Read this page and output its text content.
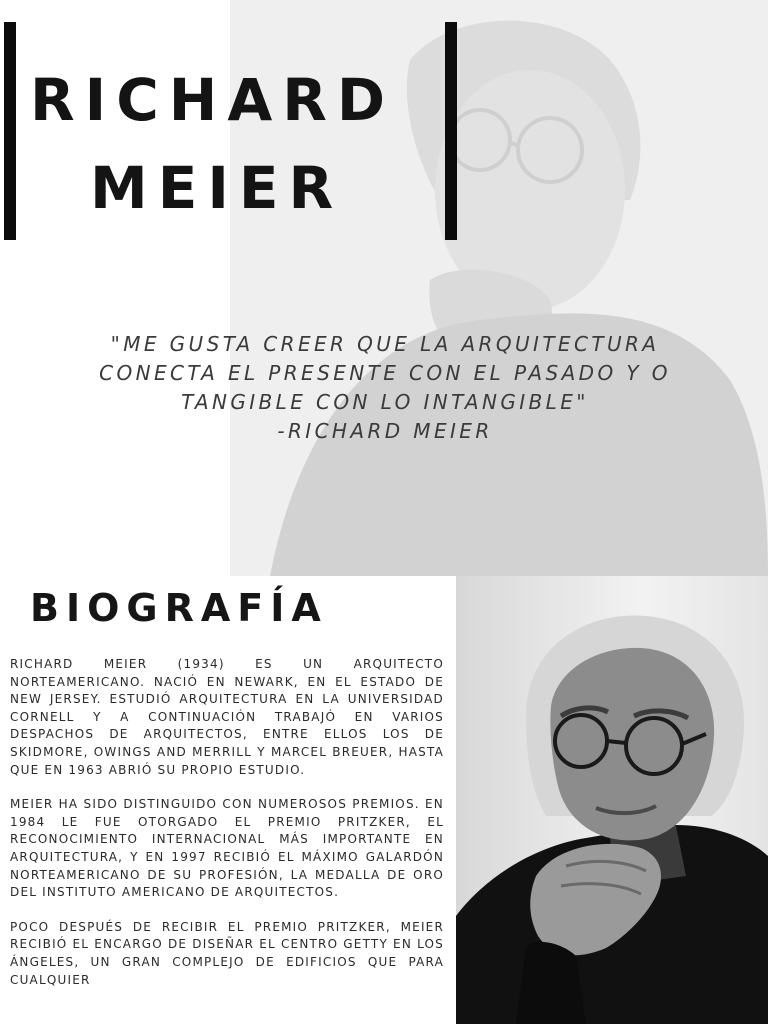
RICHARD
MEIER
"ME GUSTA CREER QUE LA ARQUITECTURA
CONECTA EL PRESENTE CON EL PASADO Y O
TANGIBLE CON LO INTANGIBLE"
-RICHARD MEIER
BIOGRAFÍA

RICHARD MEIER (1934) ES UN ARQUITECTO NORTEAMERICANO. NACIÓ EN NEWARK, EN EL ESTADO DE NEW JERSEY. ESTUDIÓ ARQUITECTURA EN LA UNIVERSIDAD CORNELL Y A CONTINUACIÓN TRABAJÓ EN VARIOS DESPACHOS DE ARQUITECTOS, ENTRE ELLOS LOS DE SKIDMORE, OWINGS AND MERRILL Y MARCEL BREUER, HASTA QUE EN 1963 ABRIÓ SU PROPIO ESTUDIO.

MEIER HA SIDO DISTINGUIDO CON NUMEROSOS PREMIOS. EN 1984 LE FUE OTORGADO EL PREMIO PRITZKER, EL RECONOCIMIENTO INTERNACIONAL MÁS IMPORTANTE EN ARQUITECTURA, Y EN 1997 RECIBIÓ EL MÁXIMO GALARDÓN NORTEAMERICANO DE SU PROFESIÓN, LA MEDALLA DE ORO DEL INSTITUTO AMERICANO DE ARQUITECTOS.

POCO DESPUÉS DE RECIBIR EL PREMIO PRITZKER, MEIER RECIBIÓ EL ENCARGO DE DISEÑAR EL CENTRO GETTY EN LOS ÁNGELES, UN GRAN COMPLEJO DE EDIFICIOS QUE PARA CUALQUIER
